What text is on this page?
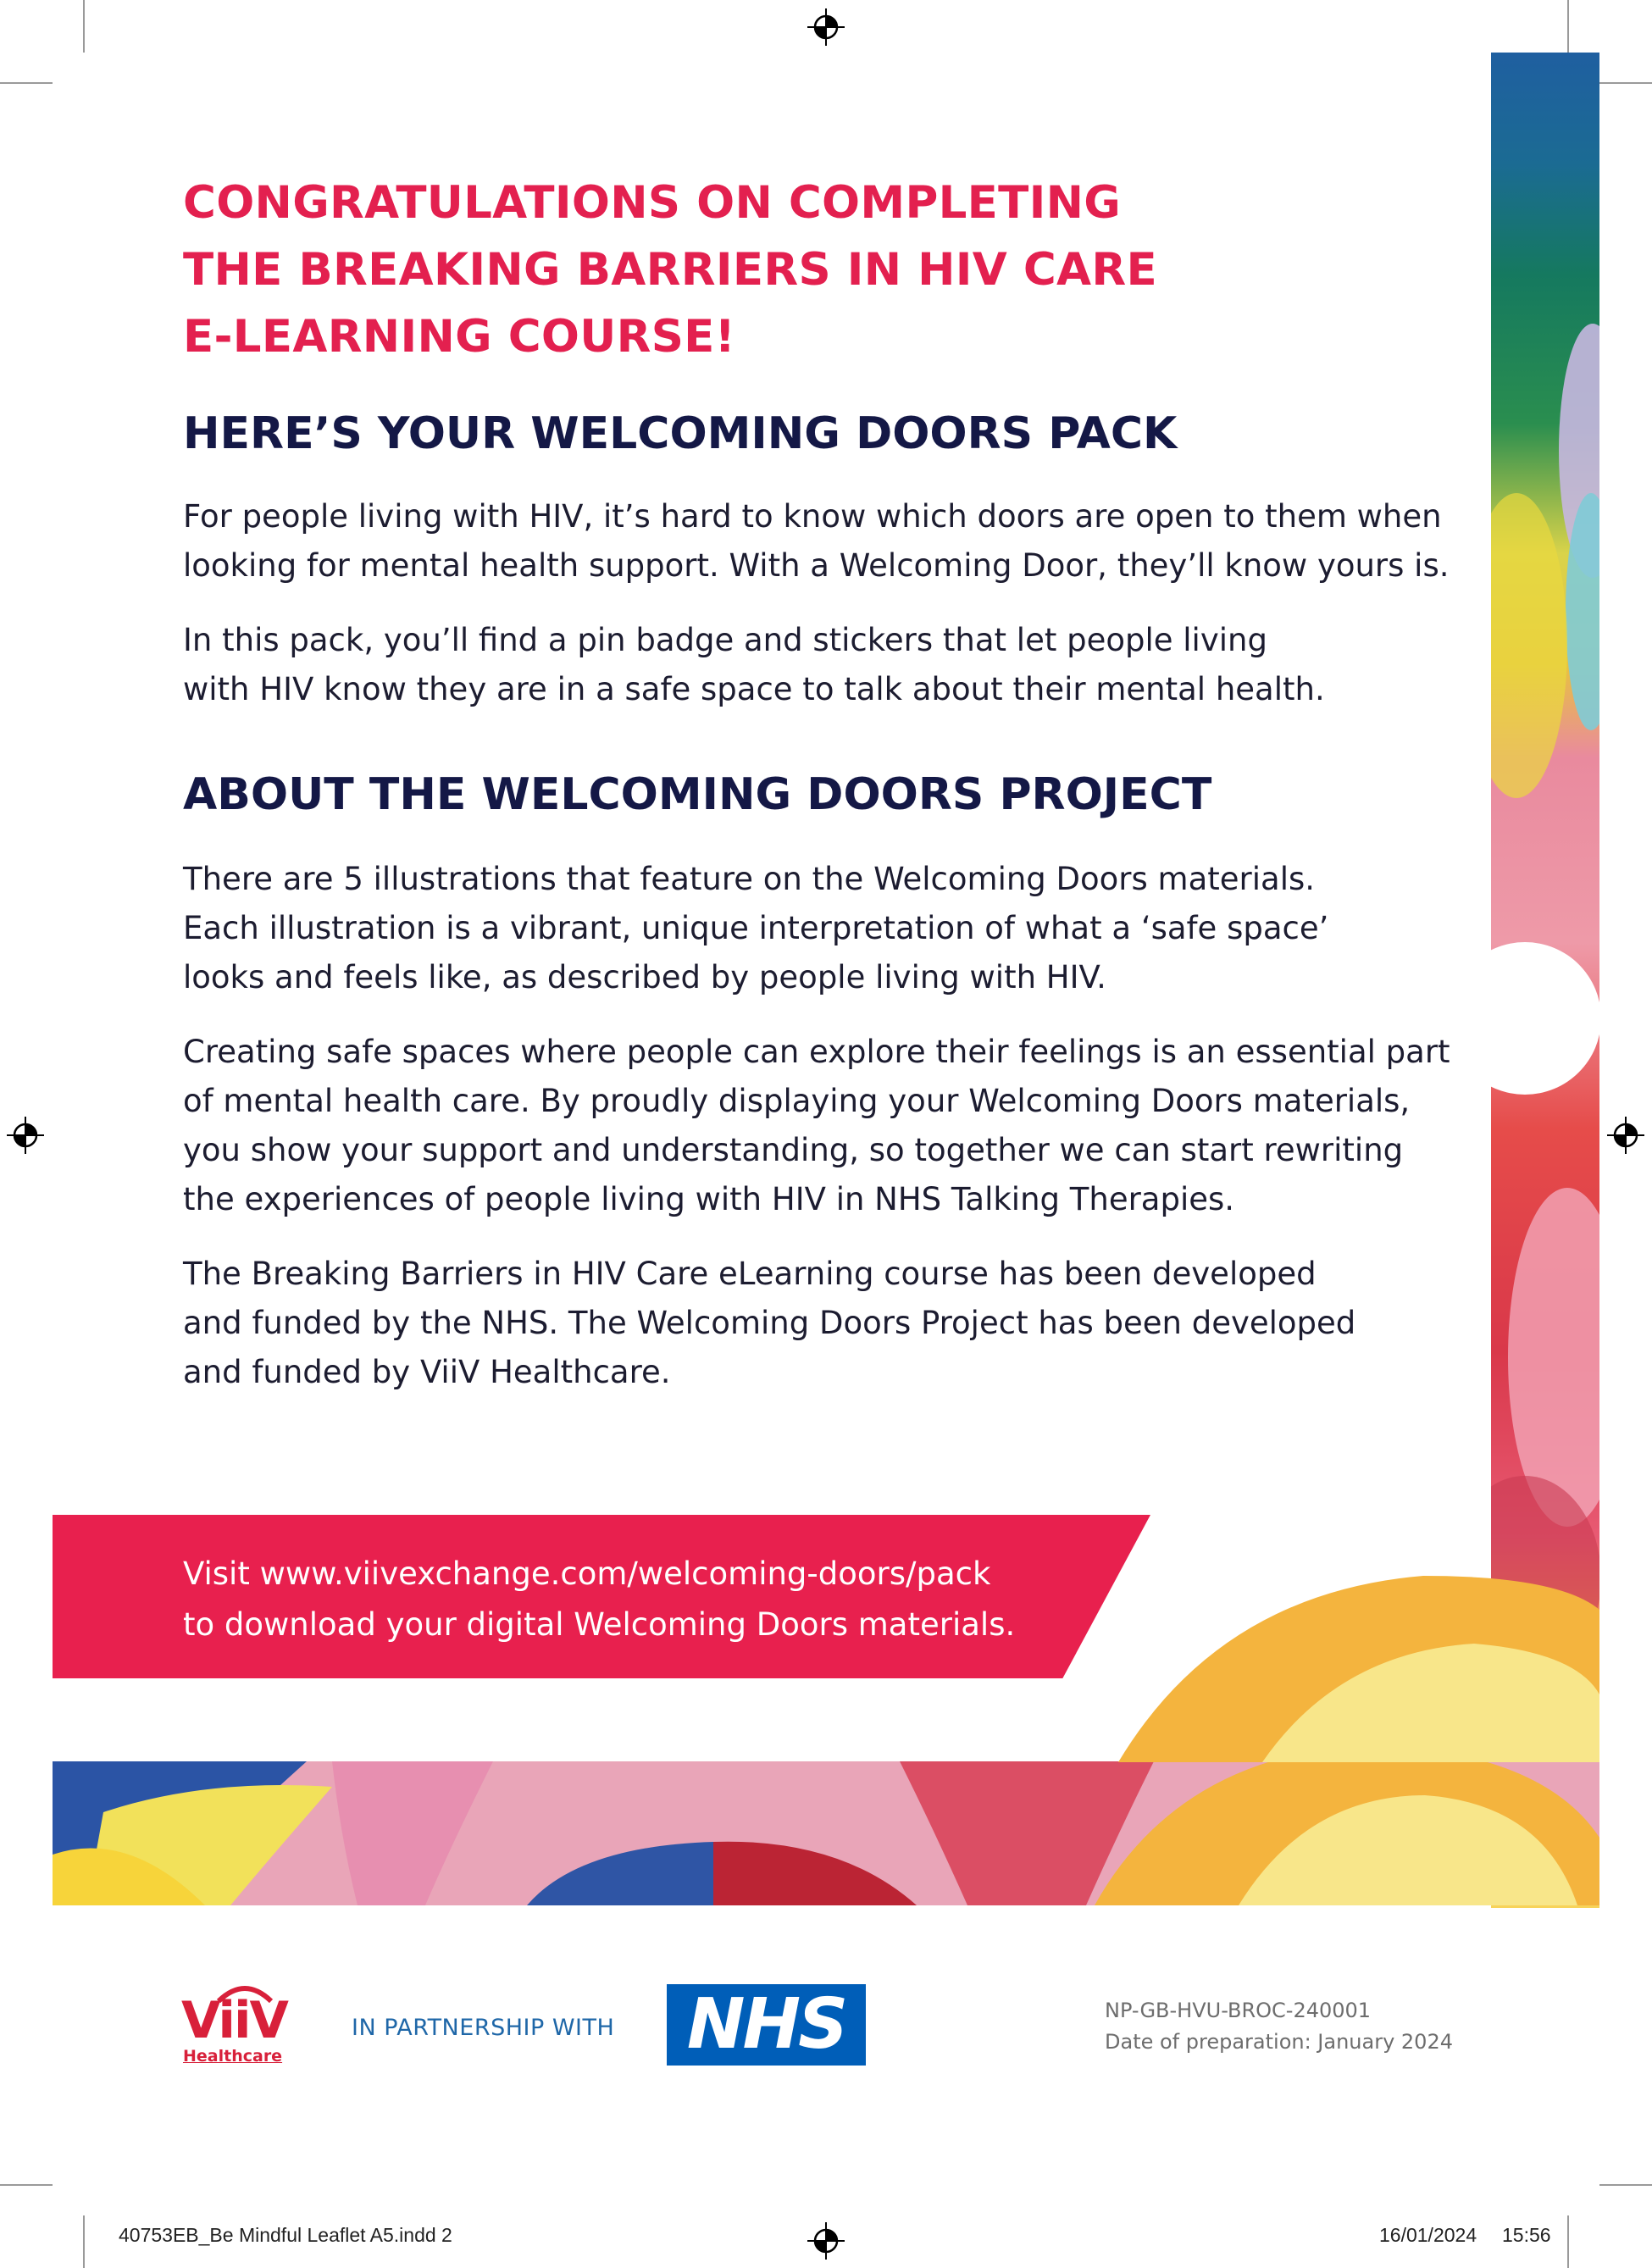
CONGRATULATIONS ON COMPLETING
THE BREAKING BARRIERS IN HIV CARE
E-LEARNING COURSE!
HERE’S YOUR WELCOMING DOORS PACK

For people living with HIV, it’s hard to know which doors are open to them when
looking for mental health support. With a Welcoming Door, they’ll know yours is.

In this pack, you’ll find a pin badge and stickers that let people living
with HIV know they are in a safe space to talk about their mental health.

ABOUT THE WELCOMING DOORS PROJECT

There are 5 illustrations that feature on the Welcoming Doors materials.
Each illustration is a vibrant, unique interpretation of what a ‘safe space’
looks and feels like, as described by people living with HIV.

Creating safe spaces where people can explore their feelings is an essential part
of mental health care. By proudly displaying your Welcoming Doors materials,
you show your support and understanding, so together we can start rewriting
the experiences of people living with HIV in NHS Talking Therapies.

The Breaking Barriers in HIV Care eLearning course has been developed
and funded by the NHS. The Welcoming Doors Project has been developed
and funded by ViiV Healthcare.

Visit www.viivexchange.com/welcoming-doors/pack
to download your digital Welcoming Doors materials.
ViiV
Healthcare
IN PARTNERSHIP WITH NHS	NP-GB-HVU-BROC-240001
Date of preparation: January 2024
40753EB_Be Mindful Leaflet A5.indd 2	16/01/2024 15:56
